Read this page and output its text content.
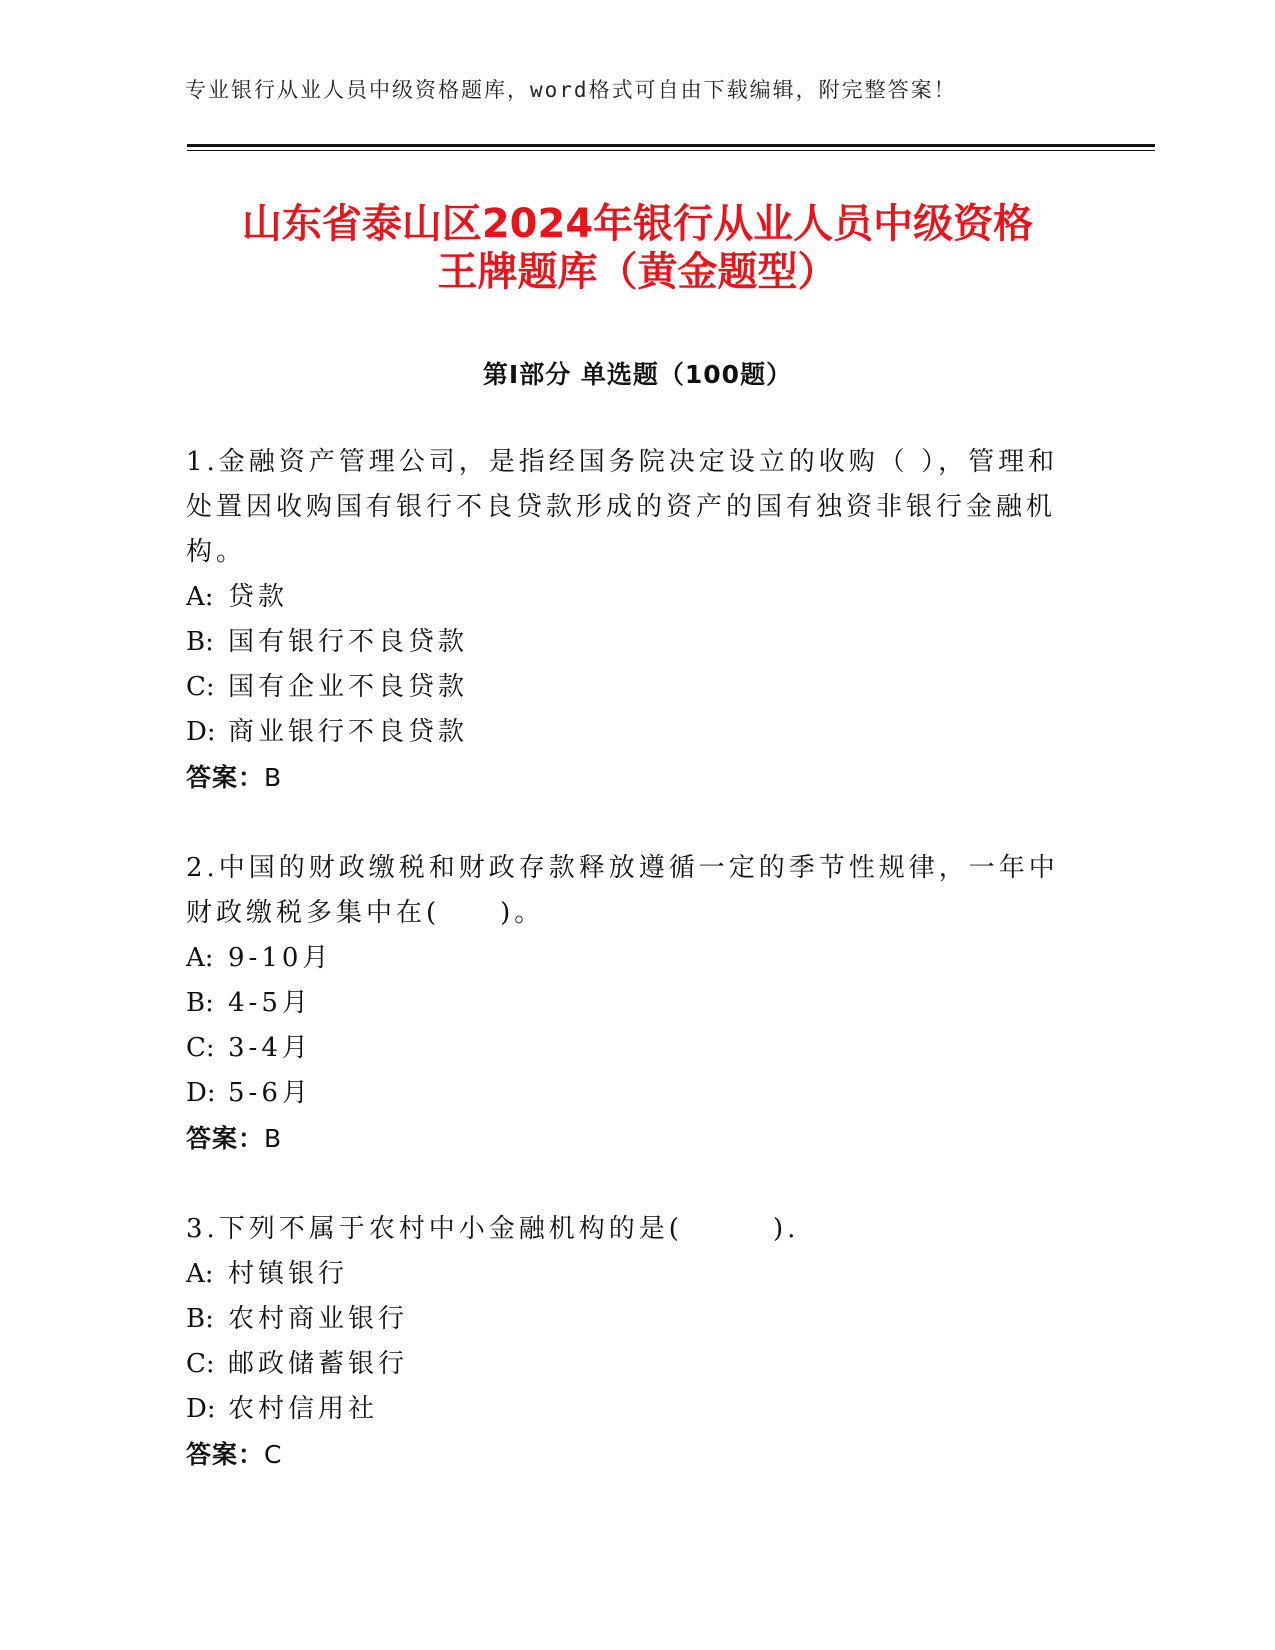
专业银行从业人员中级资格题库，word格式可自由下载编辑，附完整答案！
山东省泰山区2024年银行从业人员中级资格
王牌题库（黄金题型）
第Ⅰ部分 单选题（100题）

1.金融资产管理公司，是指经国务院决定设立的收购（ ），管理和处置因收购国有银行不良贷款形成的资产的国有独资非银行金融机构。

A: 贷款
B: 国有银行不良贷款
C: 国有企业不良贷款
D: 商业银行不良贷款
答案：B

2.中国的财政缴税和财政存款释放遵循一定的季节性规律，一年中财政缴税多集中在(　　)。

A: 9-10月
B: 4-5月
C: 3-4月
D: 5-6月
答案：B

3.下列不属于农村中小金融机构的是(　　　).

A: 村镇银行
B: 农村商业银行
C: 邮政储蓄银行
D: 农村信用社
答案：C
